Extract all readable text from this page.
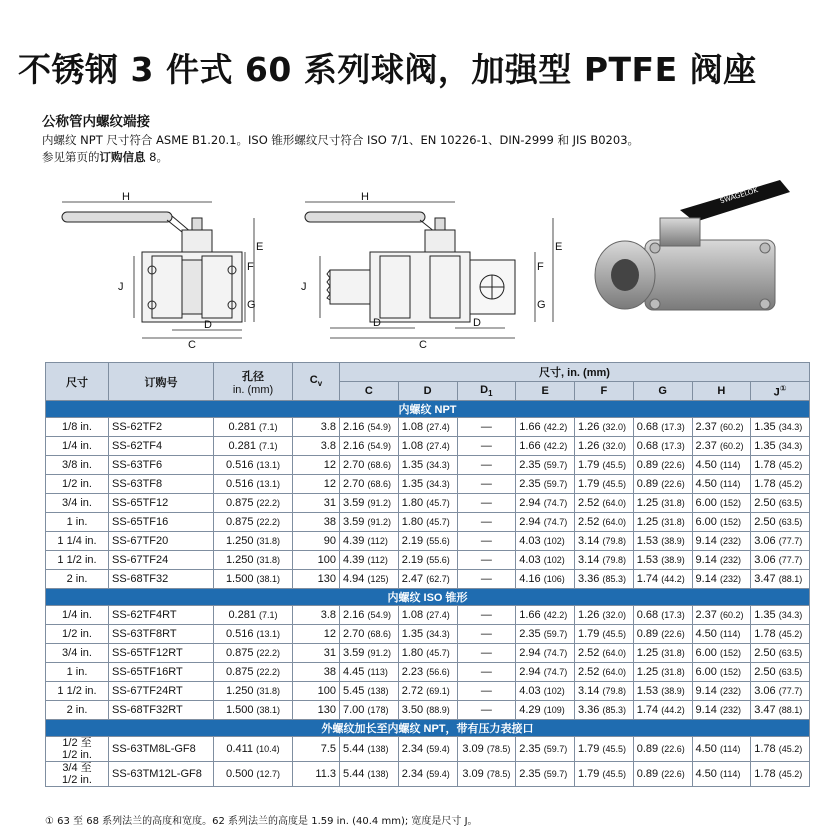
不锈钢 3 件式 60 系列球阀，加强型 PTFE 阀座
公称管内螺纹端接
内螺纹 NPT 尺寸符合 ASME B1.20.1。ISO 锥形螺纹尺寸符合 ISO 7/1、EN 10226-1、DIN-2999 和 JIS B0203。
参见第页的订购信息 8。
H
E
F
G
J
C
D
H
E
F
G
J
C
D	D
SWAGELOK
尺寸	订购号	孔径
in. (mm)	$C_v$	尺寸, in. (mm)							
				C	D	$D_1$	E	F	G	H	J①
内螺纹 NPT											
1/8 in.	SS-62TF2	0.281 (7.1)	3.8	2.16 (54.9)	1.08 (27.4)	—	1.66 (42.2)	1.26 (32.0)	0.68 (17.3)	2.37 (60.2)	1.35 (34.3)
1/4 in.	SS-62TF4	0.281 (7.1)	3.8	2.16 (54.9)	1.08 (27.4)	—	1.66 (42.2)	1.26 (32.0)	0.68 (17.3)	2.37 (60.2)	1.35 (34.3)
3/8 in.	SS-63TF6	0.516 (13.1)	12	2.70 (68.6)	1.35 (34.3)	—	2.35 (59.7)	1.79 (45.5)	0.89 (22.6)	4.50 (114)	1.78 (45.2)
1/2 in.	SS-63TF8	0.516 (13.1)	12	2.70 (68.6)	1.35 (34.3)	—	2.35 (59.7)	1.79 (45.5)	0.89 (22.6)	4.50 (114)	1.78 (45.2)
3/4 in.	SS-65TF12	0.875 (22.2)	31	3.59 (91.2)	1.80 (45.7)	—	2.94 (74.7)	2.52 (64.0)	1.25 (31.8)	6.00 (152)	2.50 (63.5)
1 in.	SS-65TF16	0.875 (22.2)	38	3.59 (91.2)	1.80 (45.7)	—	2.94 (74.7)	2.52 (64.0)	1.25 (31.8)	6.00 (152)	2.50 (63.5)
1 1/4 in.	SS-67TF20	1.250 (31.8)	90	4.39 (112)	2.19 (55.6)	—	4.03 (102)	3.14 (79.8)	1.53 (38.9)	9.14 (232)	3.06 (77.7)
1 1/2 in.	SS-67TF24	1.250 (31.8)	100	4.39 (112)	2.19 (55.6)	—	4.03 (102)	3.14 (79.8)	1.53 (38.9)	9.14 (232)	3.06 (77.7)
2 in.	SS-68TF32	1.500 (38.1)	130	4.94 (125)	2.47 (62.7)	—	4.16 (106)	3.36 (85.3)	1.74 (44.2)	9.14 (232)	3.47 (88.1)
内螺纹 ISO 锥形											
1/4 in.	SS-62TF4RT	0.281 (7.1)	3.8	2.16 (54.9)	1.08 (27.4)	—	1.66 (42.2)	1.26 (32.0)	0.68 (17.3)	2.37 (60.2)	1.35 (34.3)
1/2 in.	SS-63TF8RT	0.516 (13.1)	12	2.70 (68.6)	1.35 (34.3)	—	2.35 (59.7)	1.79 (45.5)	0.89 (22.6)	4.50 (114)	1.78 (45.2)
3/4 in.	SS-65TF12RT	0.875 (22.2)	31	3.59 (91.2)	1.80 (45.7)	—	2.94 (74.7)	2.52 (64.0)	1.25 (31.8)	6.00 (152)	2.50 (63.5)
1 in.	SS-65TF16RT	0.875 (22.2)	38	4.45 (113)	2.23 (56.6)	—	2.94 (74.7)	2.52 (64.0)	1.25 (31.8)	6.00 (152)	2.50 (63.5)
1 1/2 in.	SS-67TF24RT	1.250 (31.8)	100	5.45 (138)	2.72 (69.1)	—	4.03 (102)	3.14 (79.8)	1.53 (38.9)	9.14 (232)	3.06 (77.7)
2 in.	SS-68TF32RT	1.500 (38.1)	130	7.00 (178)	3.50 (88.9)	—	4.29 (109)	3.36 (85.3)	1.74 (44.2)	9.14 (232)	3.47 (88.1)
外螺纹加长至内螺纹 NPT，带有压力表接口											

1/2 至
1/2 in.	SS-63TM8L-GF8	0.411 (10.4)	7.5	5.44 (138)	2.34 (59.4)	3.09 (78.5)	2.35 (59.7)	1.79 (45.5)	0.89 (22.6)	4.50 (114)	1.78 (45.2)

3/4 至
1/2 in.	SS-63TM12L-GF8	0.500 (12.7)	11.3	5.44 (138)	2.34 (59.4)	3.09 (78.5)	2.35 (59.7)	1.79 (45.5)	0.89 (22.6)	4.50 (114)	1.78 (45.2)
① 63 至 68 系列法兰的高度和宽度。62 系列法兰的高度是 1.59 in. (40.4 mm); 宽度是尺寸 J。
